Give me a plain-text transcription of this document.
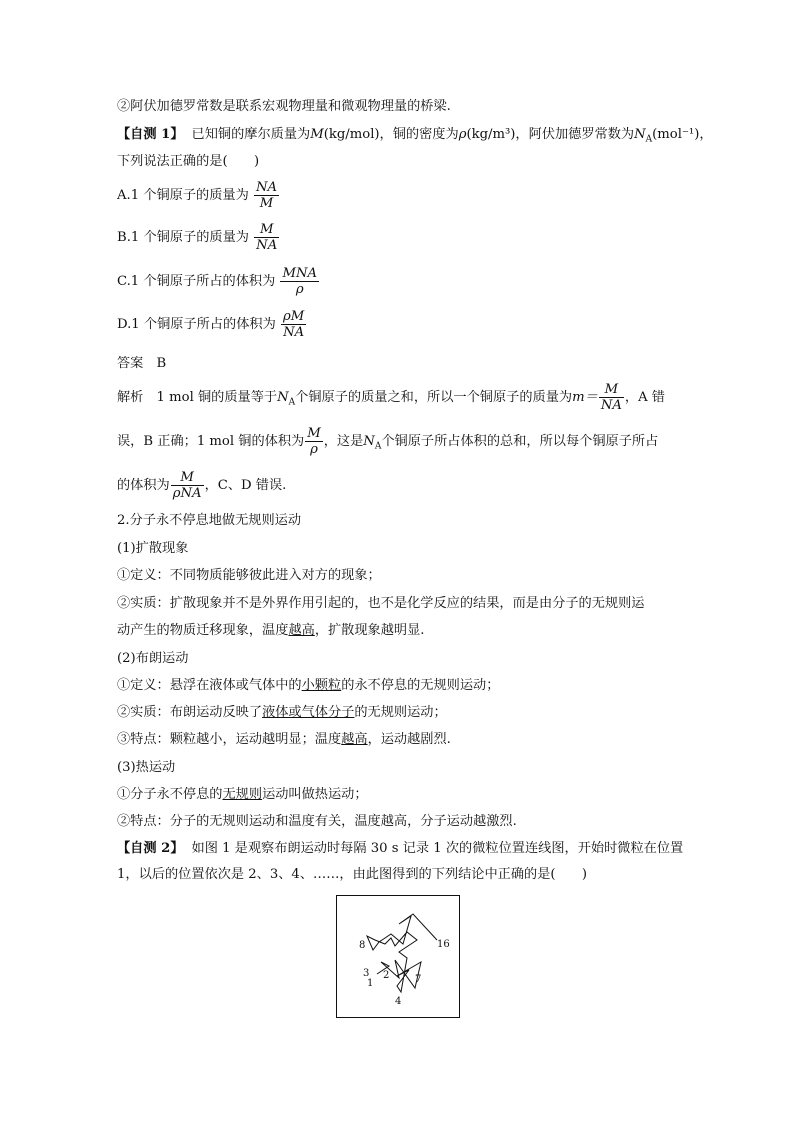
②阿伏加德罗常数是联系宏观物理量和微观物理量的桥梁.
【自测 1】 已知铜的摩尔质量为M(kg/mol)，铜的密度为ρ(kg/m³)，阿伏加德罗常数为$N_A(mol^{-1})$，
下列说法正确的是(　　)
A.1 个铜原子的质量为 $\frac{NA}{M}$
B.1 个铜原子的质量为 $\frac{M}{NA}$
C.1 个铜原子所占的体积为 $\frac{\text{MNA}}{\rho}$
D.1 个铜原子所占的体积为 $\frac{\rho M}{NA}$
答案　B
解析　1 mol 铜的质量等于$N_A$个铜原子的质量之和，所以一个铜原子的质量为$m= \frac{M}{NA}$ ，A 错
误，B 正确；1 mol 铜的体积为 $\frac{M}{\rho}$ ，这是$N_A$个铜原子所占体积的总和，所以每个铜原子所占
的体积为 $\frac{M}{\text{ρNA}}$ ，C、D 错误.
2.分子永不停息地做无规则运动
(1)扩散现象
①定义：不同物质能够彼此进入对方的现象；
②实质：扩散现象并不是外界作用引起的，也不是化学反应的结果，而是由分子的无规则运
动产生的物质迁移现象，温度越高，扩散现象越明显.
(2)布朗运动
①定义：悬浮在液体或气体中的小颗粒的永不停息的无规则运动；
②实质：布朗运动反映了液体或气体分子的无规则运动；
③特点：颗粒越小，运动越明显；温度越高，运动越剧烈.
(3)热运动
①分子永不停息的无规则运动叫做热运动；
②特点：分子的无规则运动和温度有关，温度越高，分子运动越激烈.
【自测 2】 如图 1 是观察布朗运动时每隔 30 s 记录 1 次的微粒位置连线图，开始时微粒在位置
1，以后的位置依次是 2、3、4、……，由此图得到的下列结论中正确的是(　　)
8	16
3 2	7
1
4
